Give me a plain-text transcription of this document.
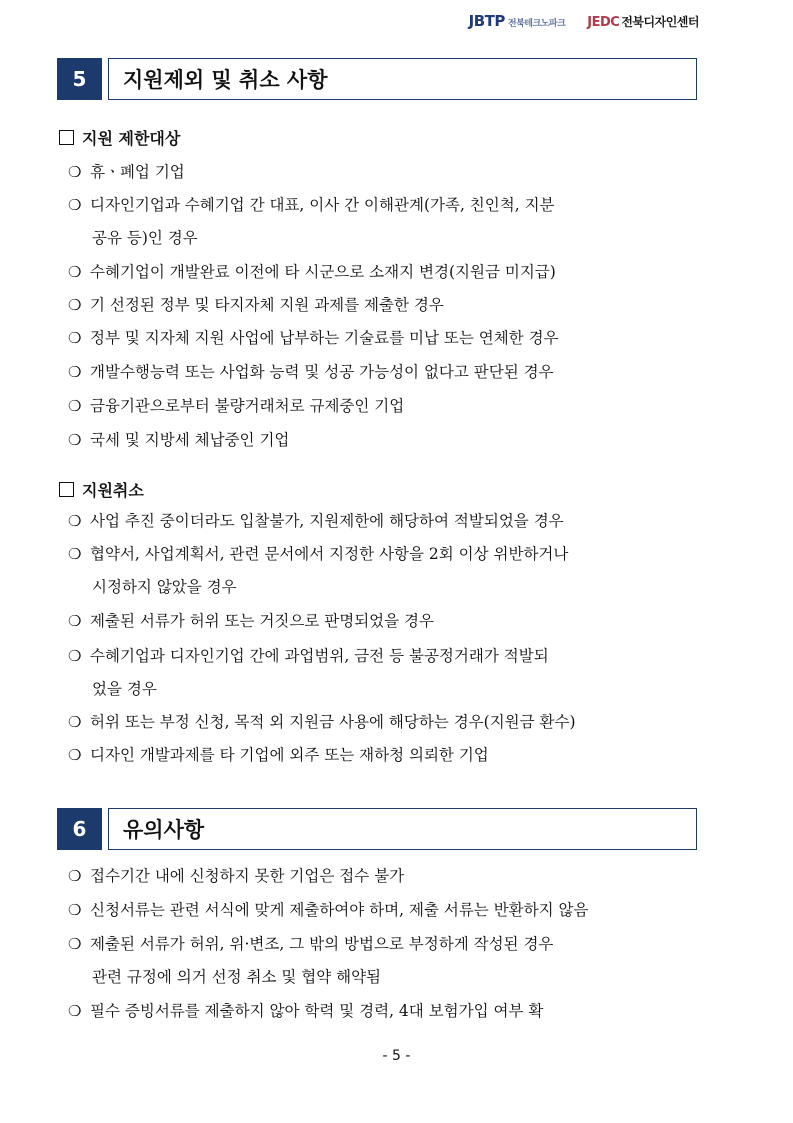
JBTP 전북테크노파크 JEDC 전북디자인센터
5	지원제외 및 취소 사항
지원 제한대상
❍ 휴ㆍ폐업 기업
❍ 디자인기업과 수혜기업 간 대표, 이사 간 이해관계(가족, 친인척, 지분
공유 등)인 경우
❍ 수혜기업이 개발완료 이전에 타 시군으로 소재지 변경(지원금 미지급)
❍ 기 선정된 정부 및 타지자체 지원 과제를 제출한 경우
❍ 정부 및 지자체 지원 사업에 납부하는 기술료를 미납 또는 연체한 경우
❍ 개발수행능력 또는 사업화 능력 및 성공 가능성이 없다고 판단된 경우
❍ 금융기관으로부터 불량거래처로 규제중인 기업
❍ 국세 및 지방세 체납중인 기업
지원취소
❍ 사업 추진 중이더라도 입찰불가, 지원제한에 해당하여 적발되었을 경우
❍ 협약서, 사업계획서, 관련 문서에서 지정한 사항을 2회 이상 위반하거나
시정하지 않았을 경우
❍ 제출된 서류가 허위 또는 거짓으로 판명되었을 경우
❍ 수혜기업과 디자인기업 간에 과업범위, 금전 등 불공정거래가 적발되
었을 경우
❍ 허위 또는 부정 신청, 목적 외 지원금 사용에 해당하는 경우(지원금 환수)
❍ 디자인 개발과제를 타 기업에 외주 또는 재하청 의뢰한 기업
6	유의사항
❍ 접수기간 내에 신청하지 못한 기업은 접수 불가
❍ 신청서류는 관련 서식에 맞게 제출하여야 하며, 제출 서류는 반환하지 않음
❍ 제출된 서류가 허위, 위·변조, 그 밖의 방법으로 부정하게 작성된 경우
관련 규정에 의거 선정 취소 및 협약 해약됨
❍ 필수 증빙서류를 제출하지 않아 학력 및 경력, 4대 보험가입 여부 확
- 5 -
